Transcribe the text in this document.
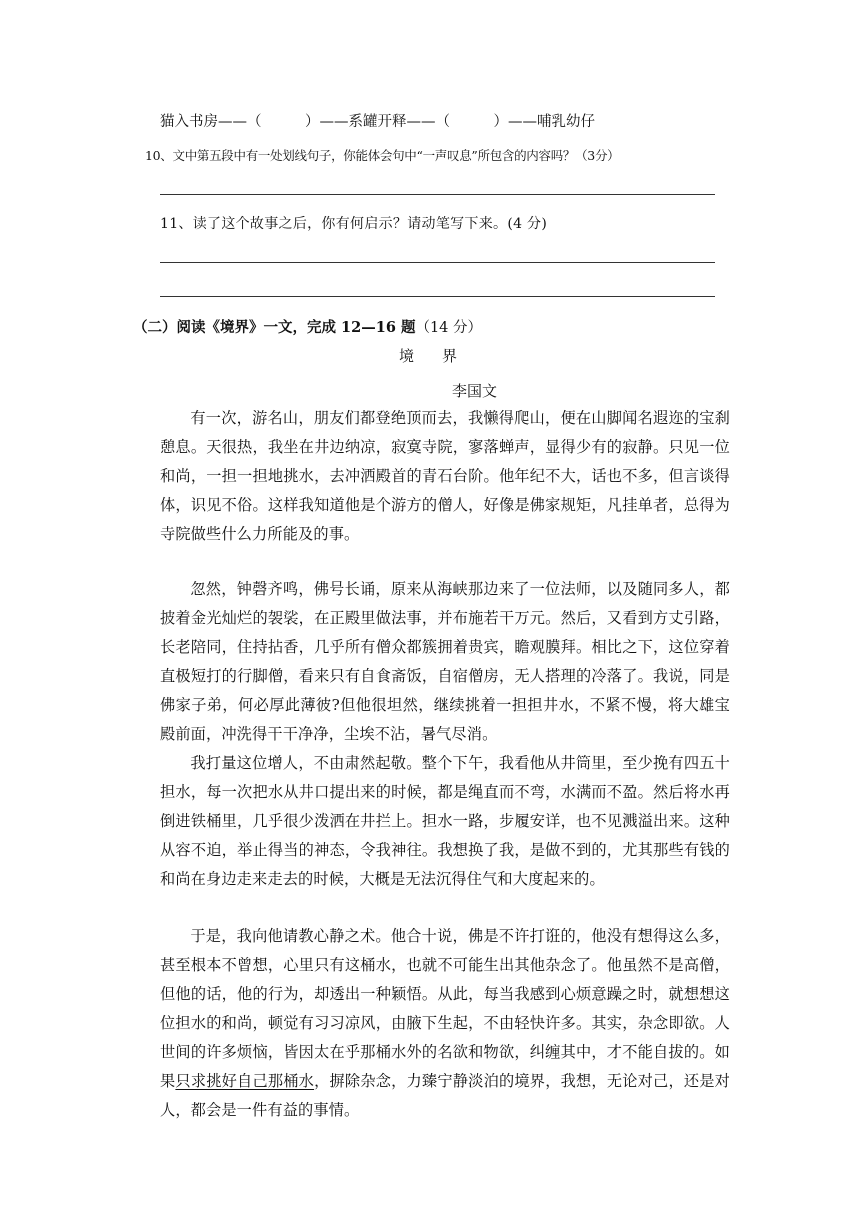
猫入书房——（　　　）——系罐开释——（　　　）——哺乳幼仔
10、文中第五段中有一处划线句子，你能体会句中“一声叹息”所包含的内容吗？（3分）
11、读了这个故事之后，你有何启示？请动笔写下来。(4 分)
（二）阅读《境界》一文，完成 12—16 题（14 分）
境 界
李国文

有一次，游名山，朋友们都登绝顶而去，我懒得爬山，便在山脚闻名遐迩的宝刹憩息。天很热，我坐在井边纳凉，寂寞寺院，寥落蝉声，显得少有的寂静。只见一位和尚，一担一担地挑水，去冲洒殿首的青石台阶。他年纪不大，话也不多，但言谈得体，识见不俗。这样我知道他是个游方的僧人，好像是佛家规矩，凡挂单者，总得为寺院做些什么力所能及的事。

忽然，钟磬齐鸣，佛号长诵，原来从海峡那边来了一位法师，以及随同多人，都披着金光灿烂的袈裟，在正殿里做法事，并布施若干万元。然后，又看到方丈引路，长老陪同，住持拈香，几乎所有僧众都簇拥着贵宾，瞻观膜拜。相比之下，这位穿着直极短打的行脚僧，看来只有自食斋饭，自宿僧房，无人搭理的冷落了。我说，同是佛家子弟，何必厚此薄彼?但他很坦然，继续挑着一担担井水，不紧不慢，将大雄宝殿前面，冲洗得干干净净，尘埃不沾，暑气尽消。

我打量这位增人，不由肃然起敬。整个下午，我看他从井筒里，至少挽有四五十担水，每一次把水从井口提出来的时候，都是绳直而不弯，水满而不盈。然后将水再倒进铁桶里，几乎很少泼洒在井拦上。担水一路，步履安详，也不见溅溢出来。这种从容不迫，举止得当的神态，令我神往。我想换了我，是做不到的，尤其那些有钱的和尚在身边走来走去的时候，大概是无法沉得住气和大度起来的。

于是，我向他请教心静之术。他合十说，佛是不许打诳的，他没有想得这么多，甚至根本不曾想，心里只有这桶水，也就不可能生出其他杂念了。他虽然不是高僧，但他的话，他的行为，却透出一种颖悟。从此，每当我感到心烦意躁之时，就想想这位担水的和尚，顿觉有习习凉风，由腋下生起，不由轻快许多。其实，杂念即欲。人世间的许多烦恼，皆因太在乎那桶水外的名欲和物欲，纠缠其中，才不能自拔的。如果只求挑好自己那桶水，摒除杂念，力臻宁静淡泊的境界，我想，无论对己，还是对人，都会是一件有益的事情。
